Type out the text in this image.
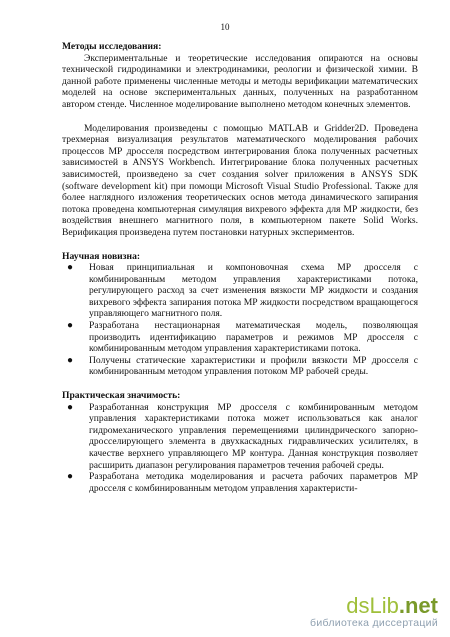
10

Методы исследования:

Экспериментальные и теоретические исследования опираются на основы технической гидродинамики и электродинамики, реологии и физической химии. В данной работе применены численные методы и методы верификации математических моделей на основе экспериментальных данных, полученных на разработанном автором стенде. Численное моделирование выполнено методом конечных элементов.

Моделирования произведены с помощью MATLAB и Gridder2D. Проведена трехмерная визуализация результатов математического моделирования рабочих процессов МР дросселя посредством интегрирования блока полученных расчетных зависимостей в ANSYS Workbench. Интегрирование блока полученных расчетных зависимостей, произведено за счет создания solver приложения в ANSYS SDK (software development kit) при помощи Microsoft Visual Studio Professional. Также для более наглядного изложения теоретических основ метода динамического запирания потока проведена компьютерная симуляция вихревого эффекта для МР жидкости, без воздействия внешнего магнитного поля, в компьютерном пакете Solid Works. Верификация произведена путем постановки натурных экспериментов.

Научная новизна:

● Новая принципиальная и компоновочная схема МР дросселя с комбинированным методом управления характеристиками потока, регулирующего расход за счет изменения вязкости МР жидкости и создания вихревого эффекта запирания потока МР жидкости посредством вращающегося управляющего магнитного поля.
● Разработана нестационарная математическая модель, позволяющая производить идентификацию параметров и режимов МР дросселя с комбинированным методом управления характеристиками потока.
● Получены статические характеристики и профили вязкости МР дросселя с комбинированным методом управления потоком МР рабочей среды.

Практическая значимость:

● Разработанная конструкция МР дросселя с комбинированным методом управления характеристиками потока может использоваться как аналог гидромеханического управления перемещениями цилиндрического запорно-дросселирующего элемента в двухкаскадных гидравлических усилителях, в качестве верхнего управляющего МР контура. Данная конструкция позволяет расширить диапазон регулирования параметров течения рабочей среды.
● Разработана методика моделирования и расчета рабочих параметров МР дросселя с комбинированным методом управления характеристи-
dsLib.net
библиотека диссертаций
